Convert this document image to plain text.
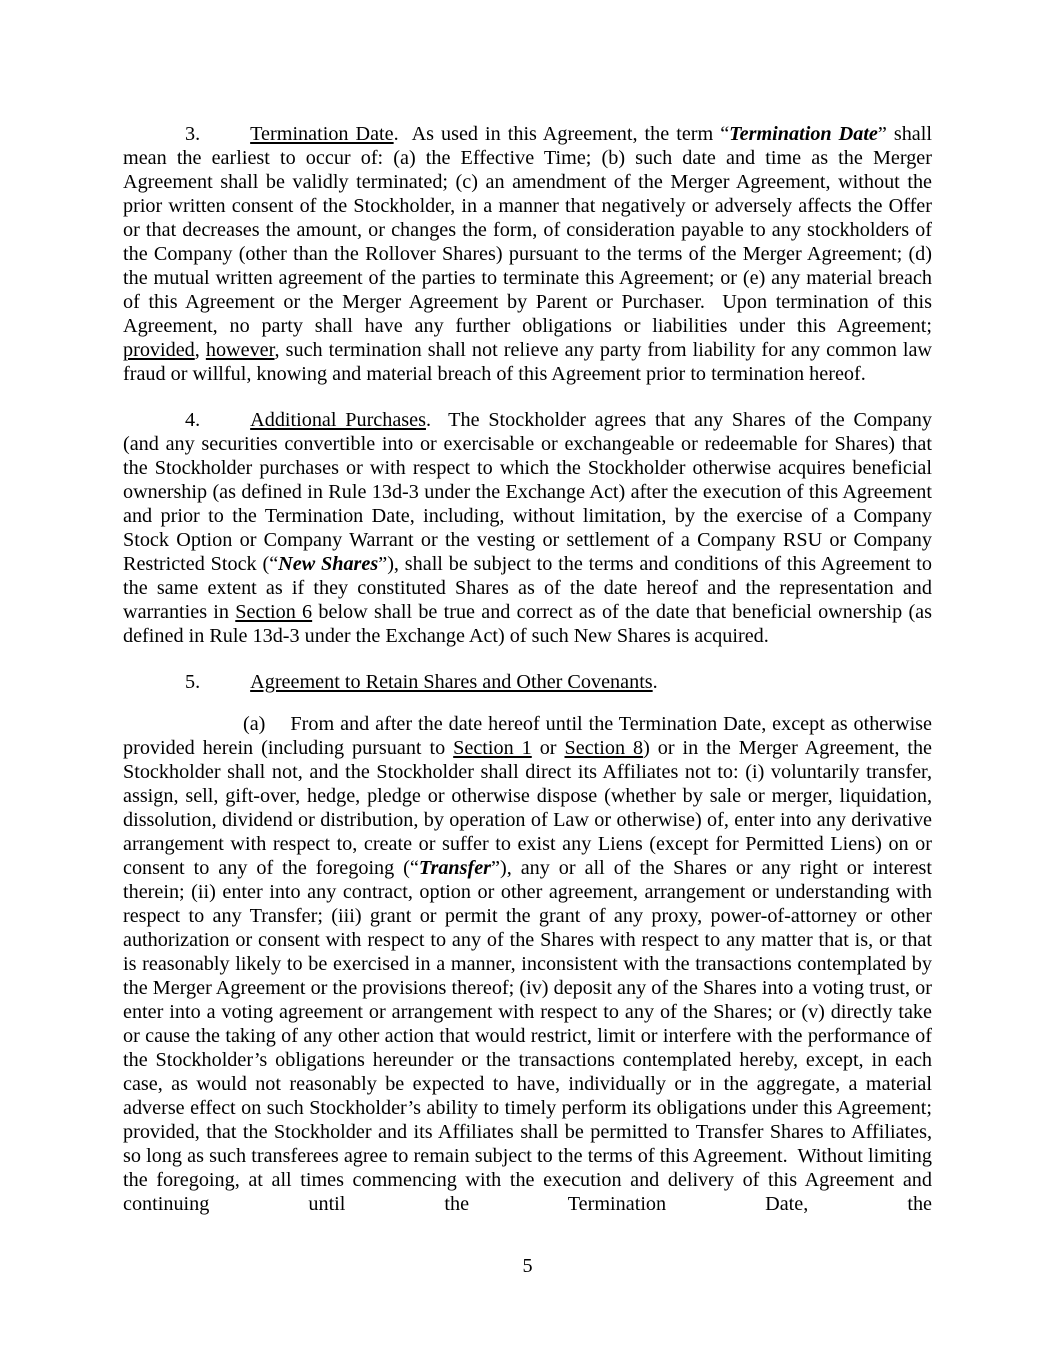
3. Termination Date.  As used in this Agreement, the term “Termination Date” shall mean the earliest to occur of: (a) the Effective Time; (b) such date and time as the Merger Agreement shall be validly terminated; (c) an amendment of the Merger Agreement, without the prior written consent of the Stockholder, in a manner that negatively or adversely affects the Offer or that decreases the amount, or changes the form, of consideration payable to any stockholders of the Company (other than the Rollover Shares) pursuant to the terms of the Merger Agreement; (d) the mutual written agreement of the parties to terminate this Agreement; or (e) any material breach of this Agreement or the Merger Agreement by Parent or Purchaser.  Upon termination of this Agreement, no party shall have any further obligations or liabilities under this Agreement; provided, however, such termination shall not relieve any party from liability for any common law fraud or willful, knowing and material breach of this Agreement prior to termination hereof.

4. Additional Purchases.  The Stockholder agrees that any Shares of the Company (and any securities convertible into or exercisable or exchangeable or redeemable for Shares) that the Stockholder purchases or with respect to which the Stockholder otherwise acquires beneficial ownership (as defined in Rule 13d-3 under the Exchange Act) after the execution of this Agreement and prior to the Termination Date, including, without limitation, by the exercise of a Company Stock Option or Company Warrant or the vesting or settlement of a Company RSU or Company Restricted Stock (“New Shares”), shall be subject to the terms and conditions of this Agreement to the same extent as if they constituted Shares as of the date hereof and the representation and warranties in Section 6 below shall be true and correct as of the date that beneficial ownership (as defined in Rule 13d-3 under the Exchange Act) of such New Shares is acquired.

5. Agreement to Retain Shares and Other Covenants.

(a) From and after the date hereof until the Termination Date, except as otherwise provided herein (including pursuant to Section 1 or Section 8) or in the Merger Agreement, the Stockholder shall not, and the Stockholder shall direct its Affiliates not to: (i) voluntarily transfer, assign, sell, gift-over, hedge, pledge or otherwise dispose (whether by sale or merger, liquidation, dissolution, dividend or distribution, by operation of Law or otherwise) of, enter into any derivative arrangement with respect to, create or suffer to exist any Liens (except for Permitted Liens) on or consent to any of the foregoing (“Transfer”), any or all of the Shares or any right or interest therein; (ii) enter into any contract, option or other agreement, arrangement or understanding with respect to any Transfer; (iii) grant or permit the grant of any proxy, power-of-attorney or other authorization or consent with respect to any of the Shares with respect to any matter that is, or that is reasonably likely to be exercised in a manner, inconsistent with the transactions contemplated by the Merger Agreement or the provisions thereof; (iv) deposit any of the Shares into a voting trust, or enter into a voting agreement or arrangement with respect to any of the Shares; or (v) directly take or cause the taking of any other action that would restrict, limit or interfere with the performance of the Stockholder’s obligations hereunder or the transactions contemplated hereby, except, in each case, as would not reasonably be expected to have, individually or in the aggregate, a material adverse effect on such Stockholder’s ability to timely perform its obligations under this Agreement; provided, that the Stockholder and its Affiliates shall be permitted to Transfer Shares to Affiliates, so long as such transferees agree to remain subject to the terms of this Agreement.  Without limiting the foregoing, at all times commencing with the execution and delivery of this Agreement and continuing until the Termination Date, the

5
